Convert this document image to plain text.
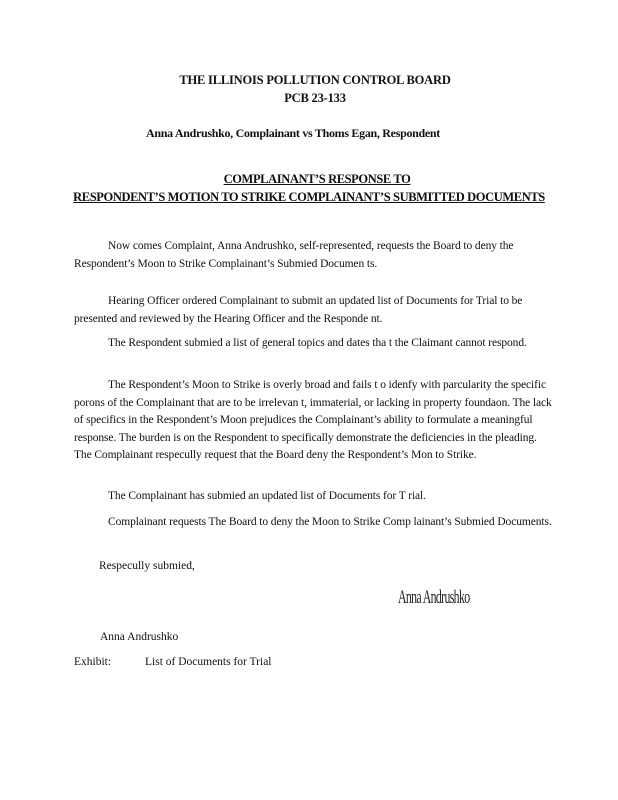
THE ILLINOIS POLLUTION CONTROL BOARD
PCB 23-133
Anna Andrushko, Complainant vs Thoms Egan, Respondent
COMPLAINANT’S RESPONSE TO
RESPONDENT’S MOTION TO STRIKE COMPLAINANT’S SUBMITTED DOCUMENTS
Now comes Complaint, Anna Andrushko, self-represented, requests the Board to deny the Respondent’s Moon to Strike Complainant’s Submied Documen ts.
Hearing Officer ordered Complainant to submit an updated list of Documents for Trial to be presented and reviewed by the Hearing Officer and the Responde nt.
The Respondent submied a list of general topics and dates tha t the Claimant cannot respond.
The Respondent’s Moon to Strike is overly broad and fails t o idenfy with parcularity the specific porons of the Complainant that are to be irrelevan t, immaterial, or lacking in property foundaon. The lack of specifics in the Respondent’s Moon prejudices the Complainant’s ability to formulate a meaningful response. The burden is on the Respondent to specifically demonstrate the deficiencies in the pleading. The Complainant respecully request that the Board deny the Respondent’s Mon to Strike.
The Complainant has submied an updated list of Documents for T rial.
Complainant requests The Board to deny the Moon to Strike Comp lainant’s Submied Documents.
Respecully submied,
Anna Andrushko
Anna Andrushko
Exhibit:	List of Documents for Trial
